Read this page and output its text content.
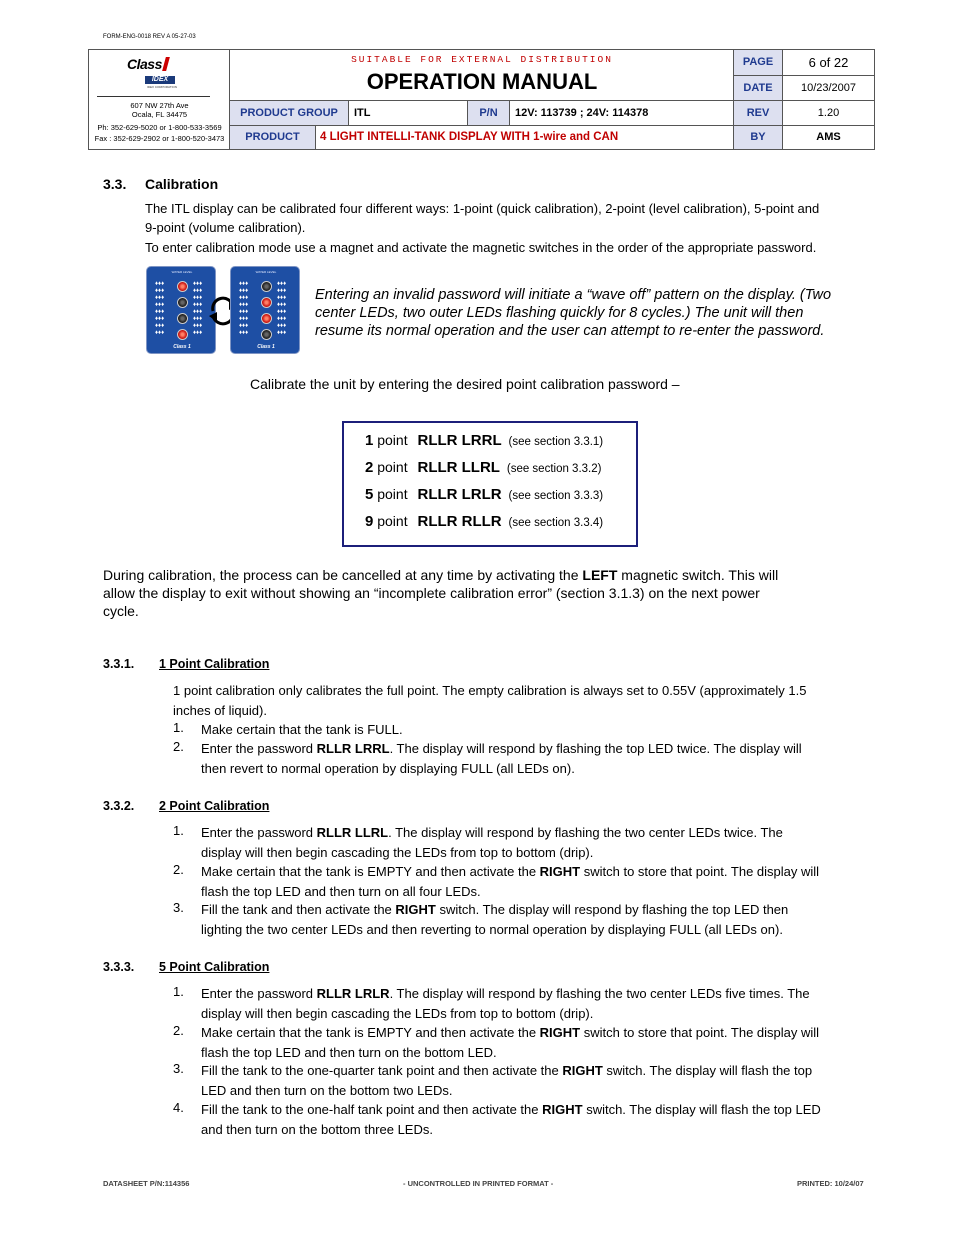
FORM-ENG-0018 REV A 05-27-03
Class
IDEX
IDEX CORPORATION
607 NW 27th Ave
Ocala, FL 34475
Ph: 352-629-5020 or 1-800-533-3569
Fax : 352-629-2902 or 1-800-520-3473
SUITABLE FOR EXTERNAL DISTRIBUTION
OPERATION MANUAL
PAGE	6 of 22
DATE	10/23/2007
PRODUCT GROUP	ITL	P/N	12V: 113739 ; 24V: 114378	REV	1.20
PRODUCT	4 LIGHT INTELLI-TANK DISPLAY WITH 1-wire and CAN	BY	AMS
3.3. Calibration
The ITL display can be calibrated four different ways: 1-point (quick calibration), 2-point (level calibration), 5-point and
9-point (volume calibration).
To enter calibration mode use a magnet and activate the magnetic switches in the order of the appropriate password.
WATER LEVEL
♦♦♦
♦♦♦
♦♦♦
♦♦♦
♦♦♦
♦♦♦
♦♦♦
♦♦♦
♦♦♦
♦♦♦
♦♦♦
♦♦♦
♦♦♦
♦♦♦
♦♦♦
♦♦♦
Class 1
WATER LEVEL
♦♦♦
♦♦♦
♦♦♦
♦♦♦
♦♦♦
♦♦♦
♦♦♦
♦♦♦
♦♦♦
♦♦♦
♦♦♦
♦♦♦
♦♦♦
♦♦♦
♦♦♦
♦♦♦
Class 1
Entering an invalid password will initiate a “wave off” pattern on the display. (Two
center LEDs, two outer LEDs flashing quickly for 8 cycles.) The unit will then
resume its normal operation and the user can attempt to re-enter the password.
Calibrate the unit by entering the desired point calibration password –
1 point RLLR LRRL (see section 3.3.1)
2 point RLLR LLRL (see section 3.3.2)
5 point RLLR LRLR (see section 3.3.3)
9 point RLLR RLLR (see section 3.3.4)
During calibration, the process can be cancelled at any time by activating the LEFT magnetic switch. This will
allow the display to exit without showing an “incomplete calibration error” (section 3.1.3) on the next power
cycle.
3.3.1. 1 Point Calibration
1 point calibration only calibrates the full point. The empty calibration is always set to 0.55V (approximately 1.5
inches of liquid).
1. Make certain that the tank is FULL.
2. Enter the password RLLR LRRL. The display will respond by flashing the top LED twice. The display will
then revert to normal operation by displaying FULL (all LEDs on).
3.3.2. 2 Point Calibration
1. Enter the password RLLR LLRL. The display will respond by flashing the two center LEDs twice. The
display will then begin cascading the LEDs from top to bottom (drip).
2. Make certain that the tank is EMPTY and then activate the RIGHT switch to store that point. The display will
flash the top LED and then turn on all four LEDs.
3. Fill the tank and then activate the RIGHT switch. The display will respond by flashing the top LED then
lighting the two center LEDs and then reverting to normal operation by displaying FULL (all LEDs on).
3.3.3. 5 Point Calibration
1. Enter the password RLLR LRLR. The display will respond by flashing the two center LEDs five times. The
display will then begin cascading the LEDs from top to bottom (drip).
2. Make certain that the tank is EMPTY and then activate the RIGHT switch to store that point. The display will
flash the top LED and then turn on the bottom LED.
3. Fill the tank to the one-quarter tank point and then activate the RIGHT switch. The display will flash the top
LED and then turn on the bottom two LEDs.
4. Fill the tank to the one-half tank point and then activate the RIGHT switch. The display will flash the top LED
and then turn on the bottom three LEDs.
DATASHEET P/N:114356	- UNCONTROLLED IN PRINTED FORMAT -	PRINTED: 10/24/07
